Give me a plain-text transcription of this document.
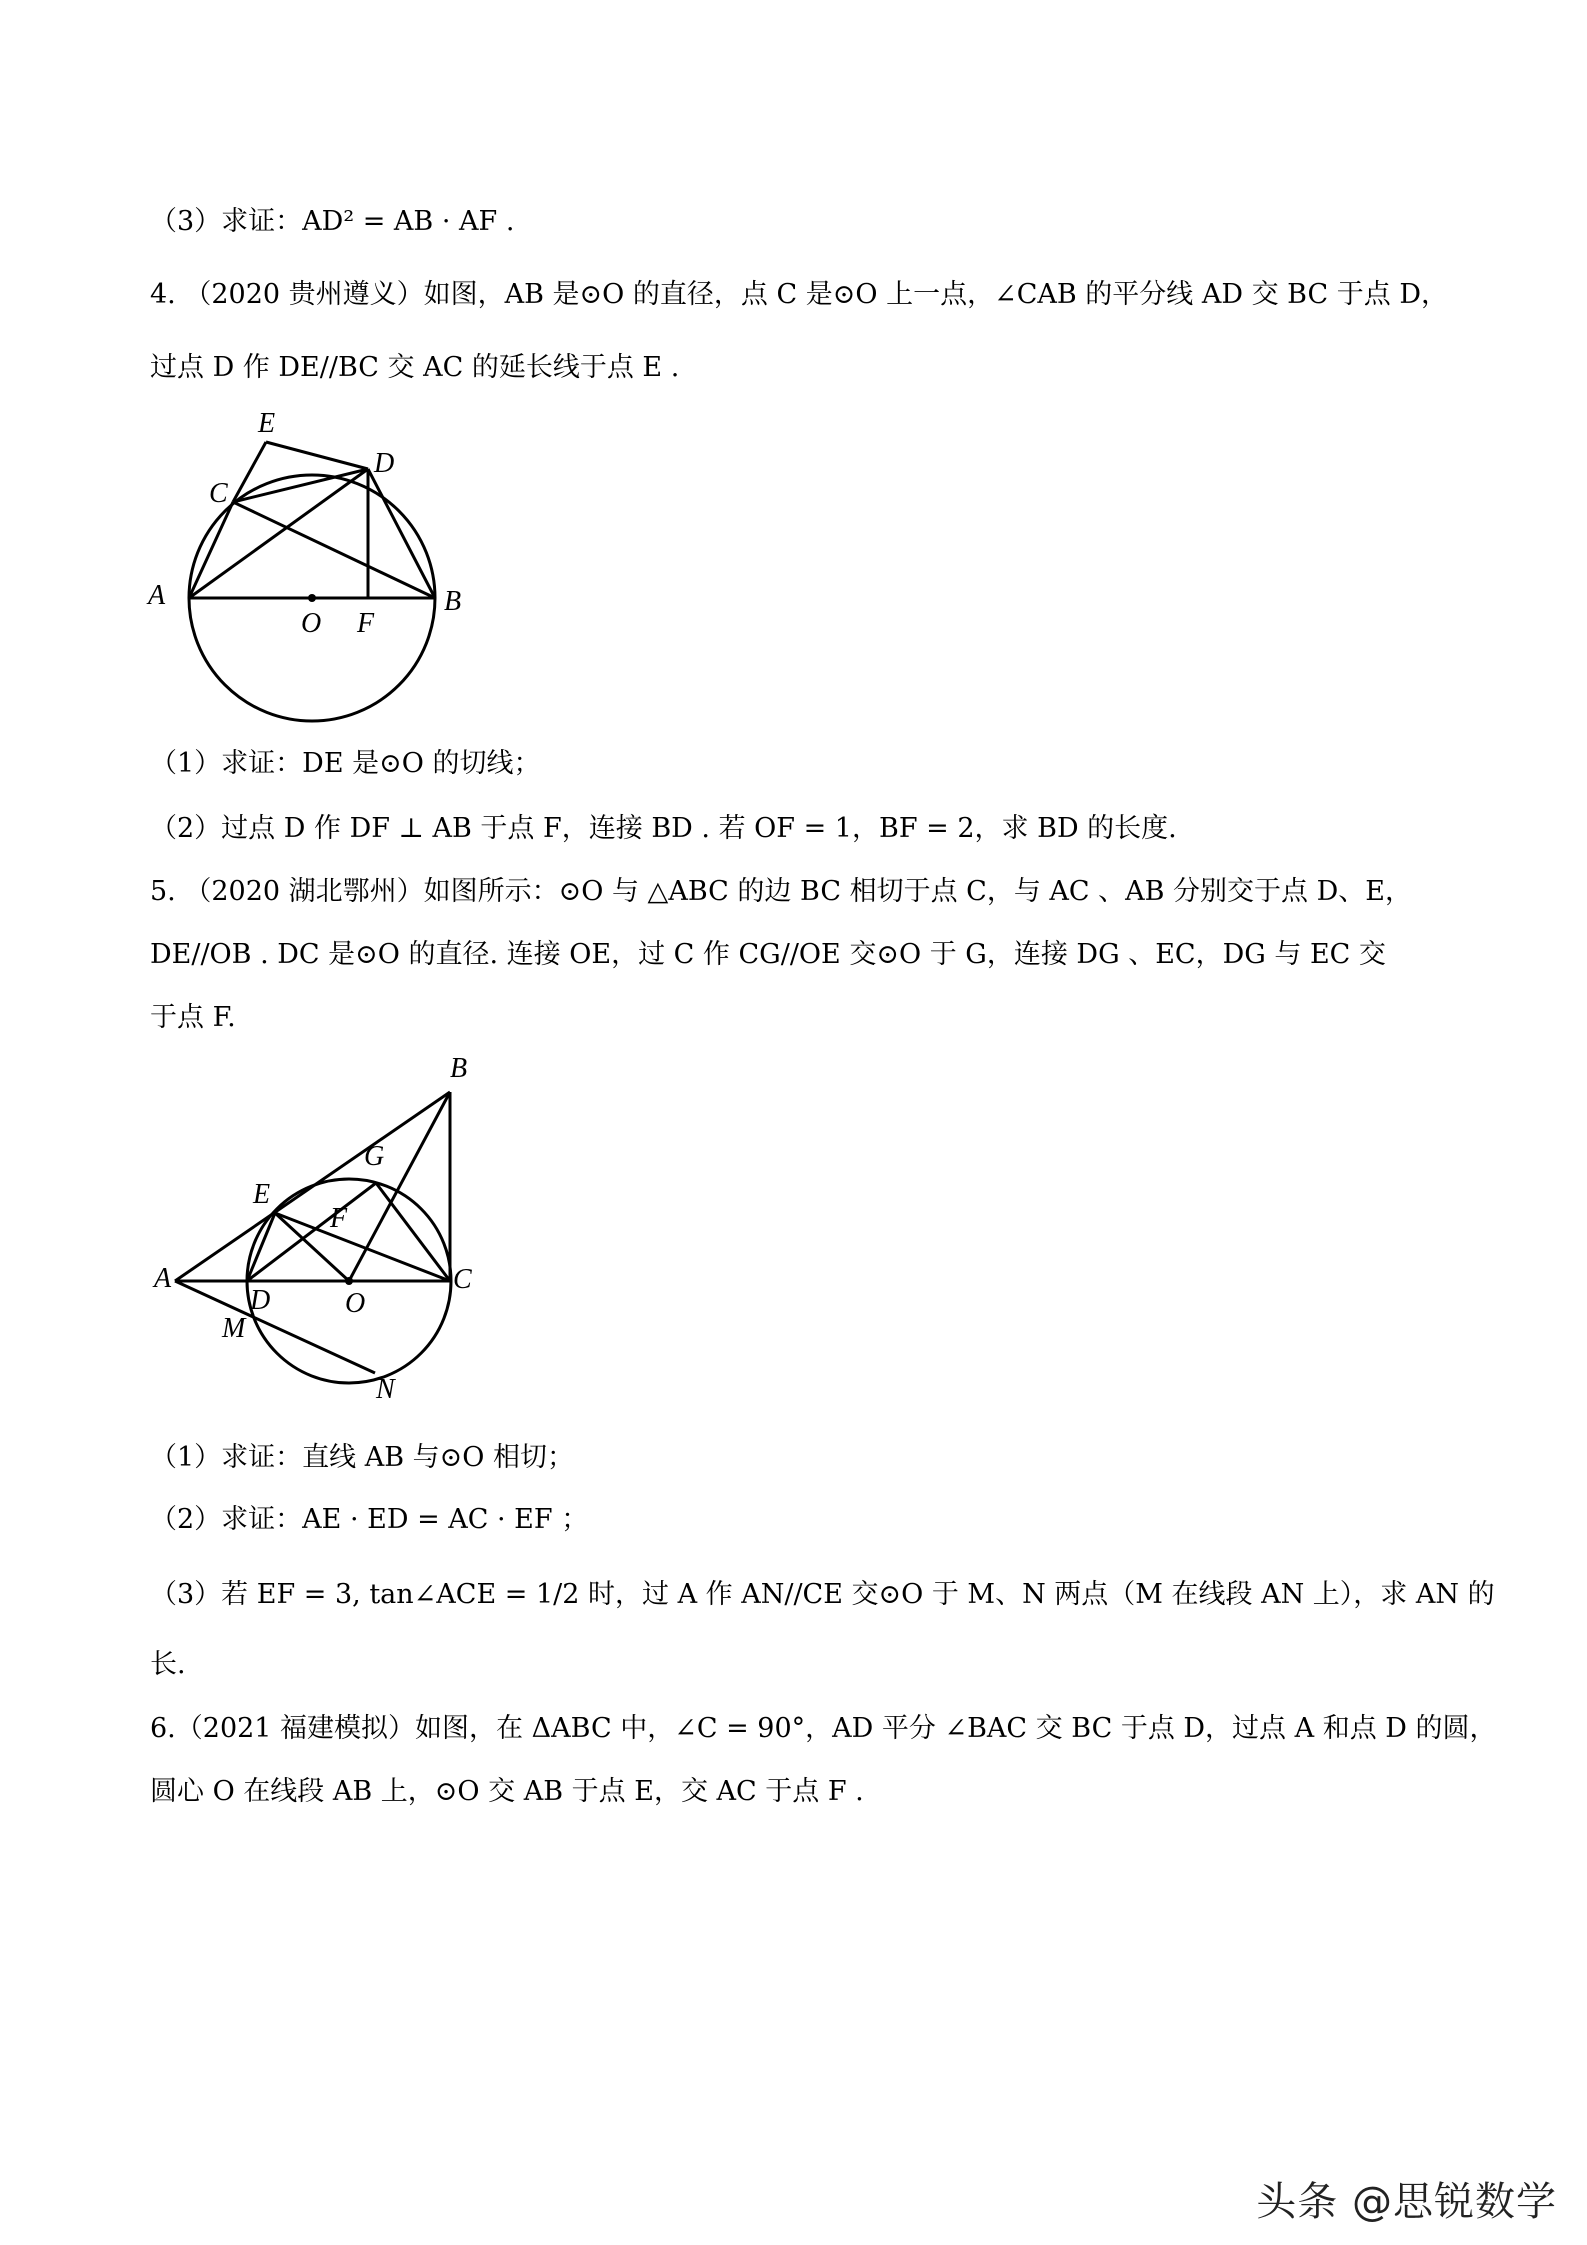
（3）求证：AD² = AB · AF .
4. （2020 贵州遵义）如图，AB 是⊙O 的直径，点 C 是⊙O 上一点，∠CAB 的平分线 AD 交 BC 于点 D，
过点 D 作 DE//BC 交 AC 的延长线于点 E .
E
C
D
A
O F
B
（1）求证：DE 是⊙O 的切线；
（2）过点 D 作 DF ⊥ AB 于点 F，连接 BD . 若 OF = 1，BF = 2，求 BD 的长度.
5. （2020 湖北鄂州）如图所示：⊙O 与 △ABC 的边 BC 相切于点 C，与 AC 、AB 分别交于点 D、E，
DE//OB . DC 是⊙O 的直径. 连接 OE，过 C 作 CG//OE 交⊙O 于 G，连接 DG 、EC，DG 与 EC 交
于点 F.
B
G
E
F
A
D	O
C
M
N
（1）求证：直线 AB 与⊙O 相切；
（2）求证：AE · ED = AC · EF ；
（3）若 EF = 3, tan∠ACE = 1/2 时，过 A 作 AN//CE 交⊙O 于 M、N 两点（M 在线段 AN 上），求 AN 的
长.
6.（2021 福建模拟）如图，在 ΔABC 中，∠C = 90°，AD 平分 ∠BAC 交 BC 于点 D，过点 A 和点 D 的圆，
圆心 O 在线段 AB 上，⊙O 交 AB 于点 E，交 AC 于点 F .
头条 @思锐数学
